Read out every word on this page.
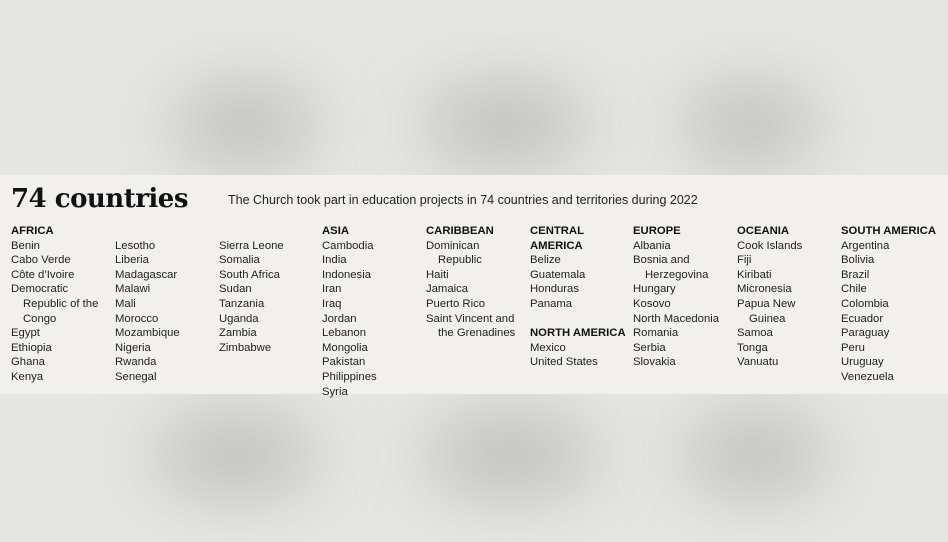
74 countries	The Church took part in education projects in 74 countries and territories during 2022
AFRICA
Benin
Cabo Verde
Côte d’Ivoire
Democratic
Republic of the
Congo
Egypt
Ethiopia
Ghana
Kenya
Lesotho
Liberia
Madagascar
Malawi
Mali
Morocco
Mozambique
Nigeria
Rwanda
Senegal
Sierra Leone
Somalia
South Africa
Sudan
Tanzania
Uganda
Zambia
Zimbabwe
ASIA
Cambodia
India
Indonesia
Iran
Iraq
Jordan
Lebanon
Mongolia
Pakistan
Philippines
Syria
CARIBBEAN
Dominican
Republic
Haiti
Jamaica
Puerto Rico
Saint Vincent and
the Grenadines
CENTRAL AMERICA
Belize
Guatemala
Honduras
Panama
NORTH AMERICA
Mexico
United States
EUROPE
Albania
Bosnia and
Herzegovina
Hungary
Kosovo
North Macedonia
Romania
Serbia
Slovakia
OCEANIA
Cook Islands
Fiji
Kiribati
Micronesia
Papua New
Guinea
Samoa
Tonga
Vanuatu
SOUTH AMERICA
Argentina
Bolivia
Brazil
Chile
Colombia
Ecuador
Paraguay
Peru
Uruguay
Venezuela
